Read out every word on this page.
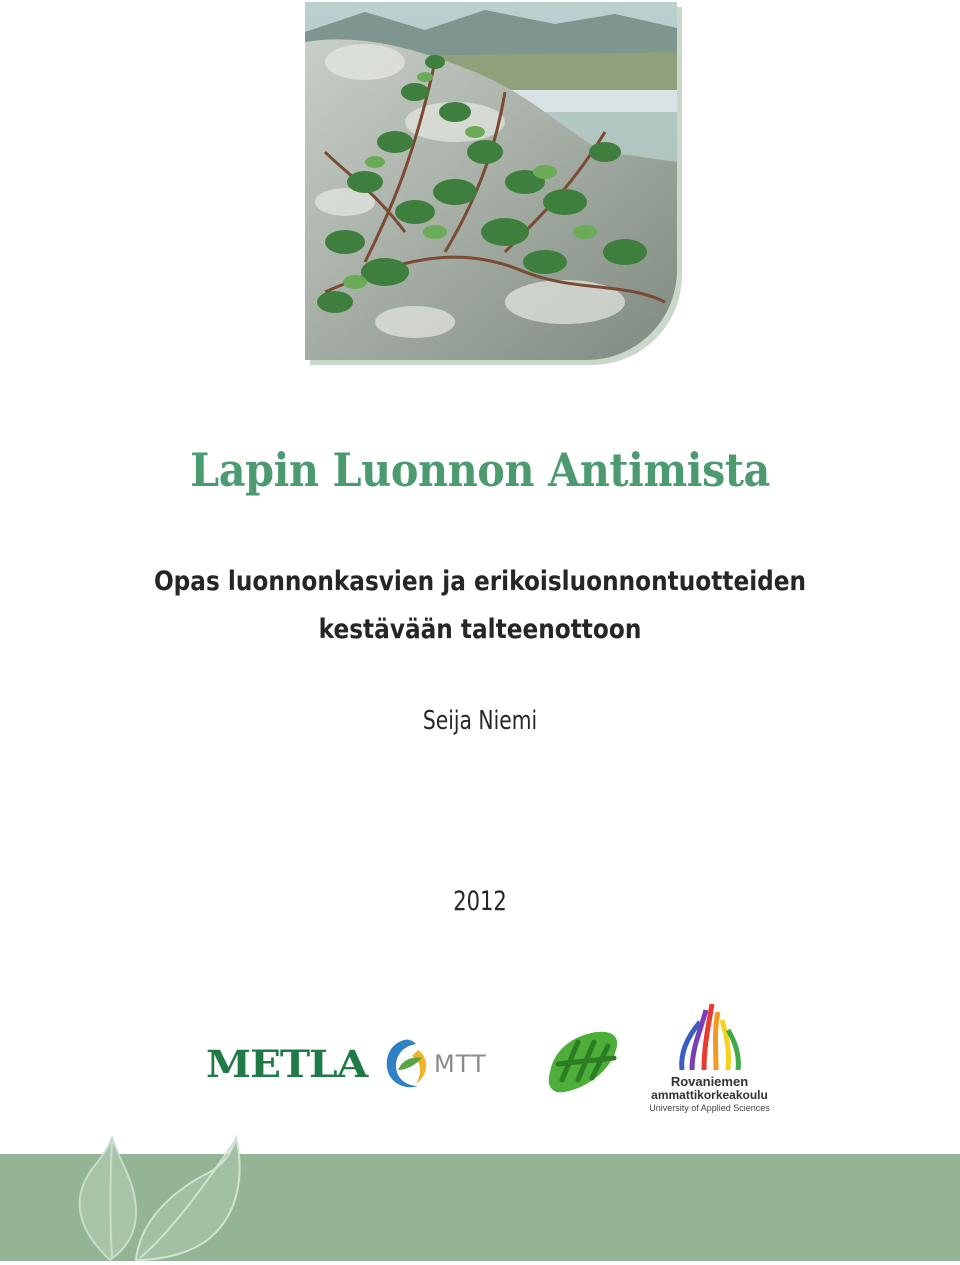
Lapin Luonnon Antimista
Opas luonnonkasvien ja erikoisluonnontuotteiden
kestävään talteenottoon

Seija Niemi

2012

METLA	MTT
Rovaniemen
ammattikorkeakoulu
University of Applied Sciences
